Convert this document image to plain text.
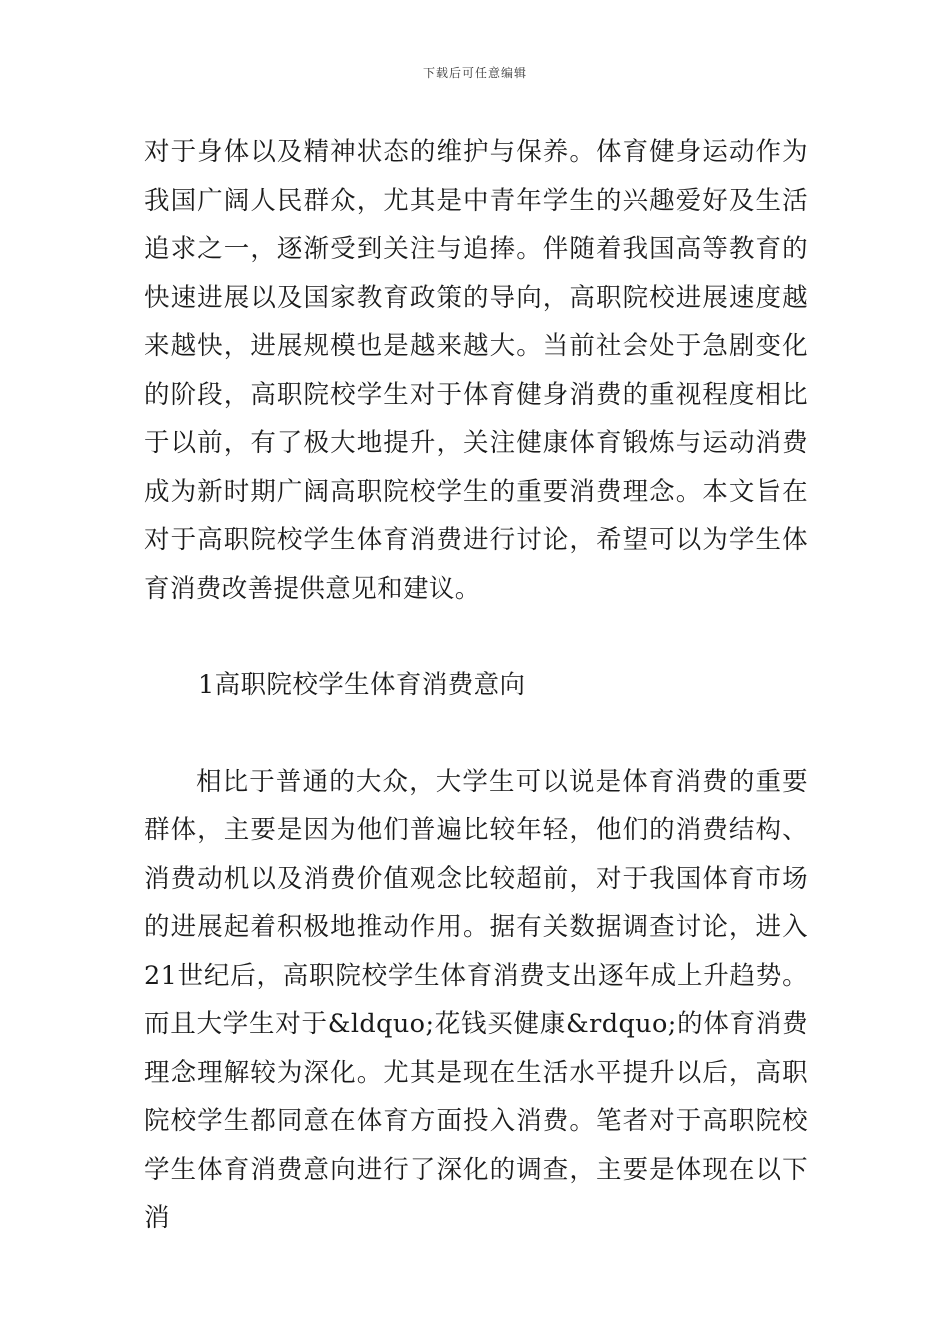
下载后可任意编辑

对于身体以及精神状态的维护与保养。体育健身运动作为我国广阔人民群众，尤其是中青年学生的兴趣爱好及生活追求之一，逐渐受到关注与追捧。伴随着我国高等教育的快速进展以及国家教育政策的导向，高职院校进展速度越来越快，进展规模也是越来越大。当前社会处于急剧变化的阶段，高职院校学生对于体育健身消费的重视程度相比于以前，有了极大地提升，关注健康体育锻炼与运动消费成为新时期广阔高职院校学生的重要消费理念。本文旨在对于高职院校学生体育消费进行讨论，希望可以为学生体育消费改善提供意见和建议。

1高职院校学生体育消费意向

相比于普通的大众，大学生可以说是体育消费的重要群体，主要是因为他们普遍比较年轻，他们的消费结构、消费动机以及消费价值观念比较超前，对于我国体育市场的进展起着积极地推动作用。据有关数据调查讨论，进入21世纪后，高职院校学生体育消费支出逐年成上升趋势。而且大学生对于&ldquo;花钱买健康&rdquo;的体育消费理念理解较为深化。尤其是现在生活水平提升以后，高职院校学生都同意在体育方面投入消费。笔者对于高职院校学生体育消费意向进行了深化的调查，主要是体现在以下消
